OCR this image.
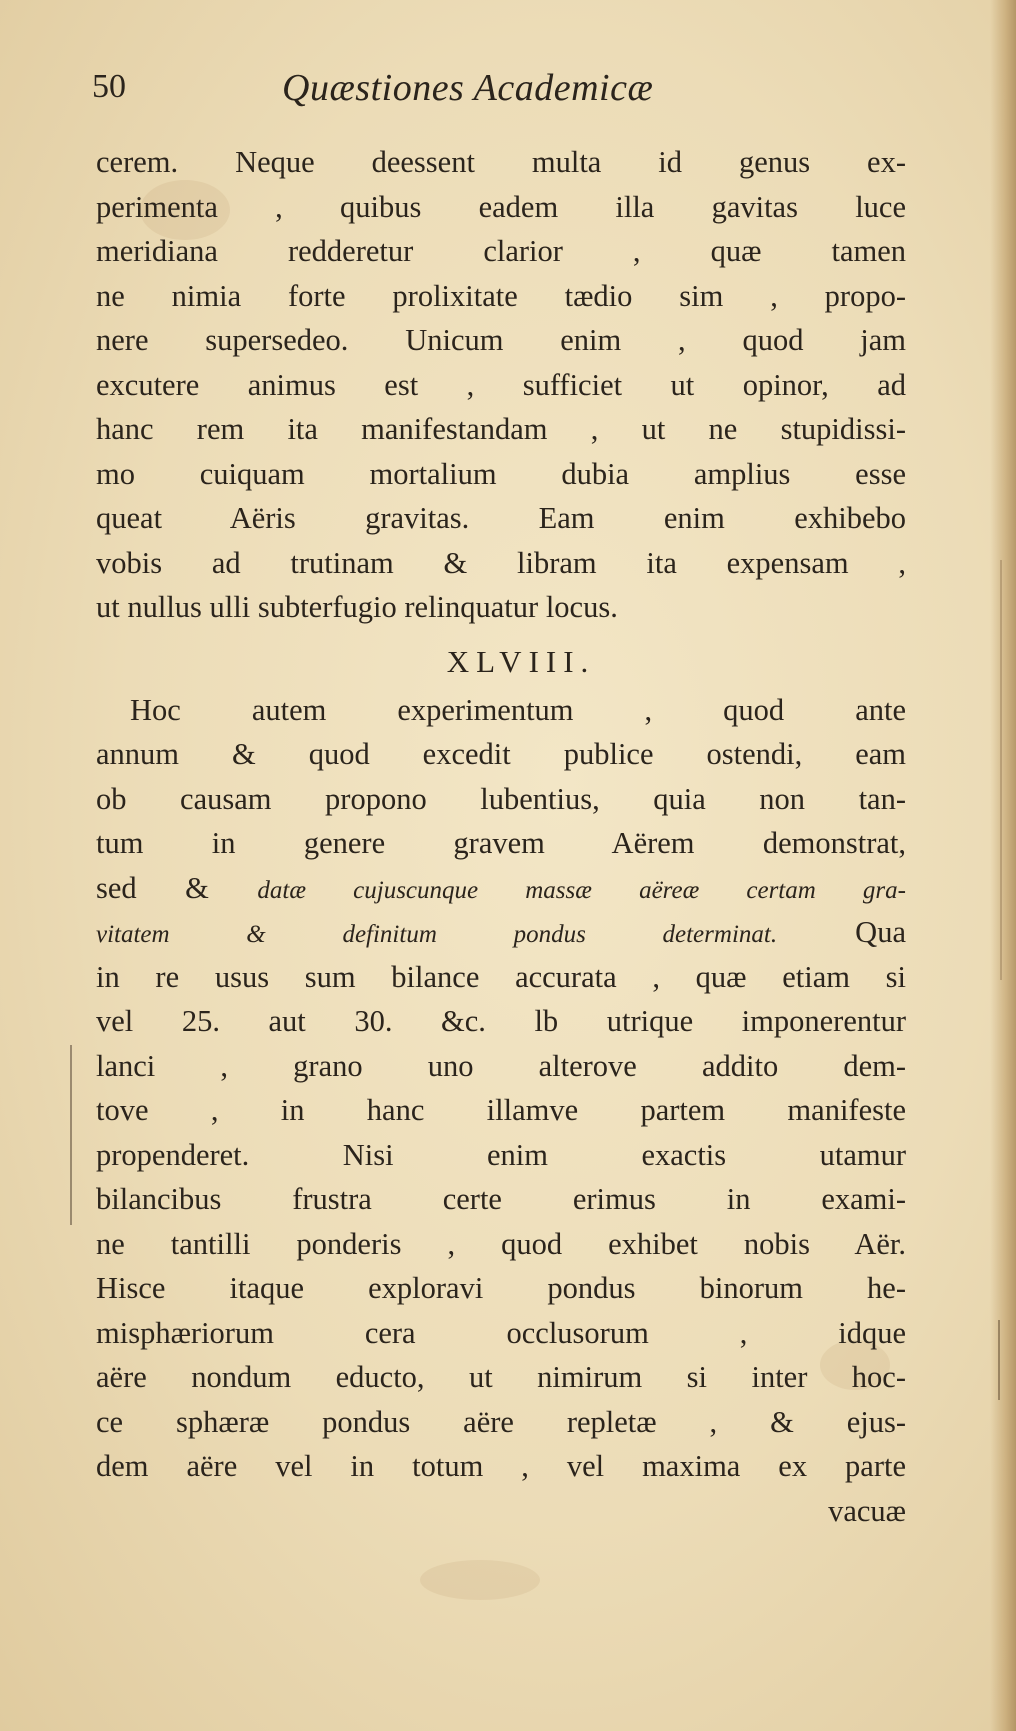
50	Quæstiones Academicæ
cerem. Neque deessent multa id genus ex-
perimenta , quibus eadem illa gavitas luce
meridiana redderetur clarior , quæ tamen
ne nimia forte prolixitate tædio sim , propo-
nere supersedeo. Unicum enim , quod jam
excutere animus est , sufficiet ut opinor, ad
hanc rem ita manifestandam , ut ne stupidissi-
mo cuiquam mortalium dubia amplius esse
queat Aëris gravitas. Eam enim exhibebo
vobis ad trutinam & libram ita expensam ,
ut nullus ulli subterfugio relinquatur locus.
XLVIII.
Hoc autem experimentum , quod ante
annum & quod excedit publice ostendi, eam
ob causam propono lubentius, quia non tan-
tum in genere gravem Aërem demonstrat,
sed & datæ cujuscunque massæ aëreæ certam gra-
vitatem & definitum pondus determinat. Qua
in re usus sum bilance accurata , quæ etiam si
vel 25. aut 30. &c. lb utrique imponerentur
lanci , grano uno alterove addito dem-
tove , in hanc illamve partem manifeste
propenderet. Nisi enim exactis utamur
bilancibus frustra certe erimus in exami-
ne tantilli ponderis , quod exhibet nobis Aër.
Hisce itaque exploravi pondus binorum he-
misphæriorum cera occlusorum , idque
aëre nondum educto, ut nimirum si inter hoc-
ce sphæræ pondus aëre repletæ , & ejus-
dem aëre vel in totum , vel maxima ex parte
vacuæ
